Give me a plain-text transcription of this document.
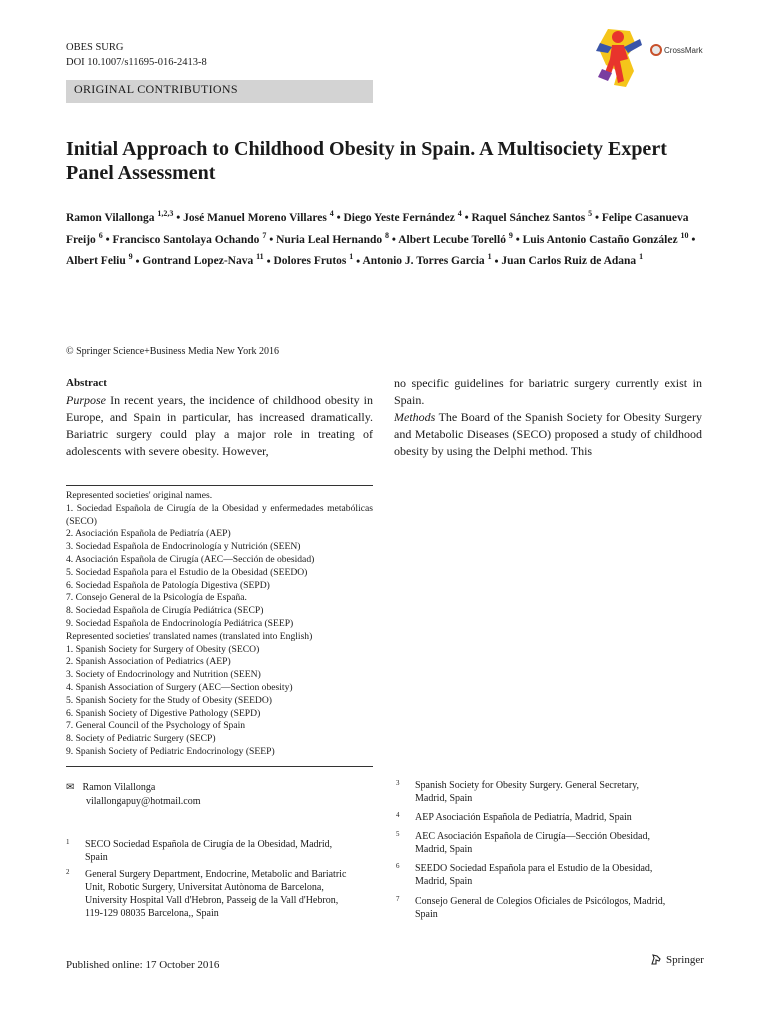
OBES SURG
DOI 10.1007/s11695-016-2413-8
ORIGINAL CONTRIBUTIONS
CrossMark
Initial Approach to Childhood Obesity in Spain. A Multisociety Expert Panel Assessment
Ramon Vilallonga $^{1,2,3}$ • José Manuel Moreno Villares $^4$ • Diego Yeste Fernández $^4$ • Raquel Sánchez Santos $^5$ • Felipe Casanueva Freijo $^6$ • Francisco Santolaya Ochando $^7$ • Nuria Leal Hernando $^8$ • Albert Lecube Torelló $^9$ • Luis Antonio Castaño González $^{10}$ • Albert Feliu $^9$ • Gontrand Lopez-Nava $^{11}$ • Dolores Frutos $^1$ • Antonio J. Torres Garcia $^1$ • Juan Carlos Ruiz de Adana $^1$
© Springer Science+Business Media New York 2016
Abstract
Purpose In recent years, the incidence of childhood obesity in Europe, and Spain in particular, has increased dramatically. Bariatric surgery could play a major role in treating of adolescents with severe obesity. However,
no specific guidelines for bariatric surgery currently exist in Spain.
Methods The Board of the Spanish Society for Obesity Surgery and Metabolic Diseases (SECO) proposed a study of childhood obesity by using the Delphi method. This
Represented societies' original names.
1. Sociedad Española de Cirugía de la Obesidad y enfermedades metabólicas (SECO)
2. Asociación Española de Pediatría (AEP)
3. Sociedad Española de Endocrinología y Nutrición (SEEN)
4. Asociación Española de Cirugía (AEC—Sección de obesidad)
5. Sociedad Española para el Estudio de la Obesidad (SEEDO)
6. Sociedad Española de Patología Digestiva (SEPD)
7. Consejo General de la Psicología de España.
8. Sociedad Española de Cirugía Pediátrica (SECP)
9. Sociedad Española de Endocrinología Pediátrica (SEEP)
Represented societies' translated names (translated into English)
1. Spanish Society for Surgery of Obesity (SECO)
2. Spanish Association of Pediatrics (AEP)
3. Society of Endocrinology and Nutrition (SEEN)
4. Spanish Association of Surgery (AEC—Section obesity)
5. Spanish Society for the Study of Obesity (SEEDO)
6. Spanish Society of Digestive Pathology (SEPD)
7. General Council of the Psychology of Spain
8. Society of Pediatric Surgery (SECP)
9. Spanish Society of Pediatric Endocrinology (SEEP)
✉ Ramon Vilallonga
vilallongapuy@hotmail.com
1 SECO Sociedad Española de Cirugía de la Obesidad, Madrid,
Spain
2 General Surgery Department, Endocrine, Metabolic and Bariatric
Unit, Robotic Surgery, Universitat Autònoma de Barcelona,
University Hospital Vall d'Hebron, Passeig de la Vall d'Hebron,
119-129 08035 Barcelona,, Spain
3 Spanish Society for Obesity Surgery. General Secretary,
Madrid, Spain
4 AEP Asociación Española de Pediatría, Madrid, Spain
5 AEC Asociación Española de Cirugía—Sección Obesidad,
Madrid, Spain
6 SEEDO Sociedad Española para el Estudio de la Obesidad,
Madrid, Spain
7 Consejo General de Colegios Oficiales de Psicólogos, Madrid,
Spain
Published online: 17 October 2016	Springer
